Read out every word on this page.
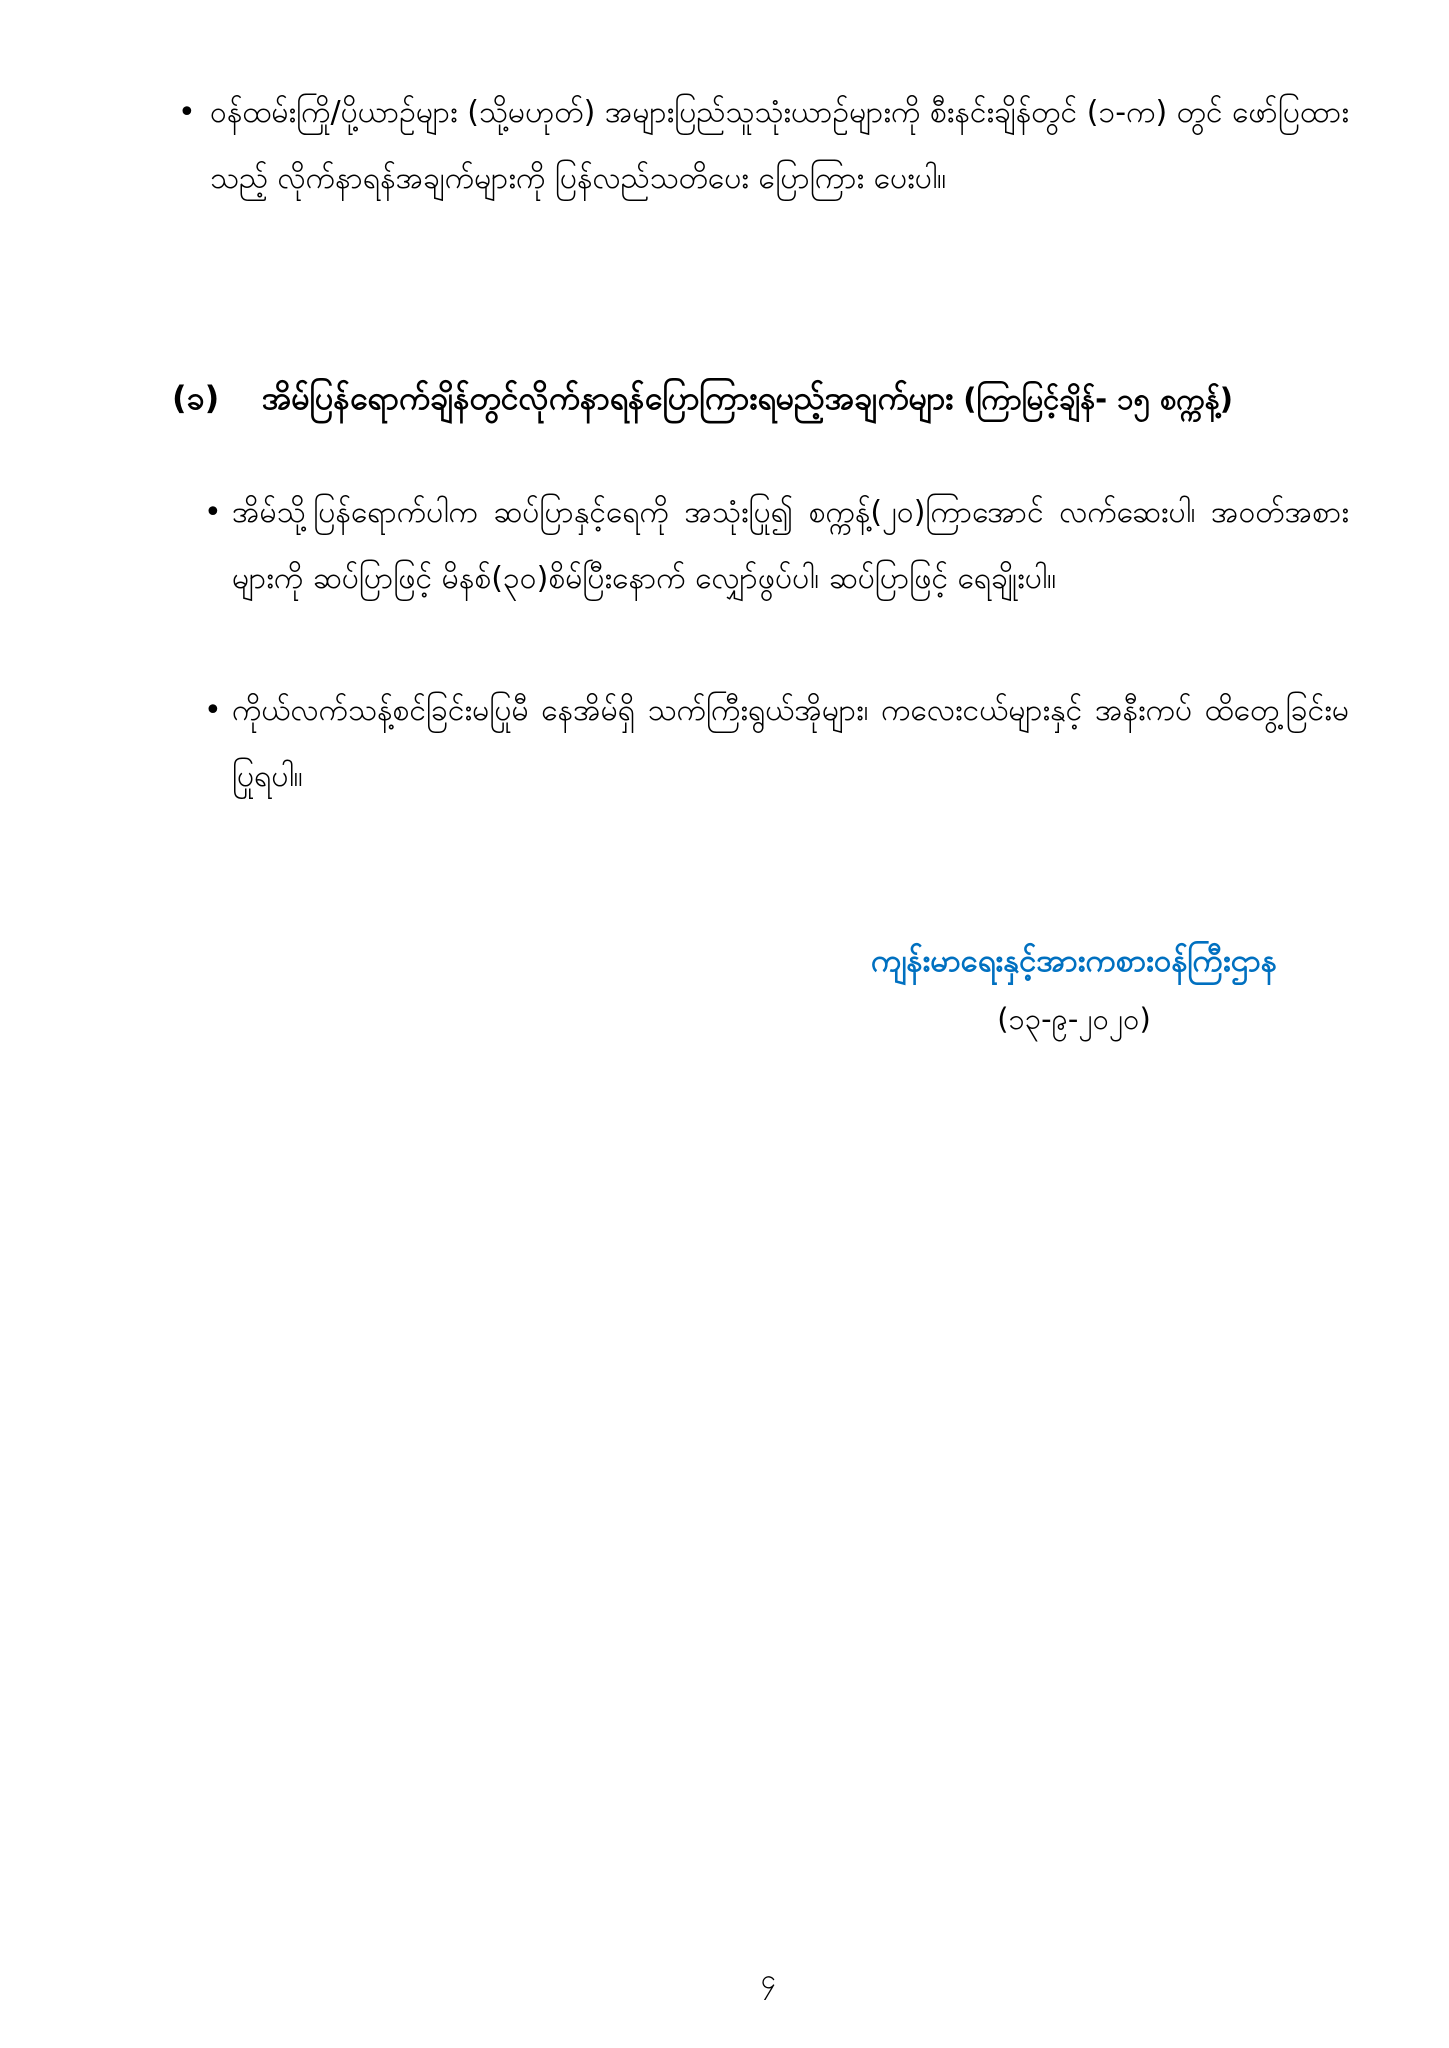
• ဝန်ထမ်းကြို/ပို့ယာဉ်များ (သို့မဟုတ်) အများပြည်သူသုံးယာဉ်များကို စီးနင်းချိန်တွင် (၁-က) တွင် ဖော်ပြထားသည့် လိုက်နာရန်အချက်များကို ပြန်လည်သတိပေး ပြောကြား ပေးပါ။

(ခ)	အိမ်ပြန်ရောက်ချိန်တွင်လိုက်နာရန်ပြောကြားရမည့်အချက်များ (ကြာမြင့်ချိန်- ၁၅ စက္ကန့်)

• အိမ်သို့ပြန်ရောက်ပါက ဆပ်ပြာနှင့်ရေကို အသုံးပြု၍ စက္ကန့်(၂၀)ကြာအောင် လက်ဆေးပါ၊ အဝတ်အစားများကို ဆပ်ပြာဖြင့် မိနစ်(၃၀)စိမ်ပြီးနောက် လျှော်ဖွပ်ပါ၊ ဆပ်ပြာဖြင့် ရေချိုးပါ။

• ကိုယ်လက်သန့်စင်ခြင်းမပြုမီ နေအိမ်ရှိ သက်ကြီးရွယ်အိုများ၊ ကလေးငယ်များနှင့် အနီးကပ် ထိတွေ့ခြင်းမပြုရပါ။

ကျန်းမာရေးနှင့်အားကစားဝန်ကြီးဌာန

(၁၃-၉-၂၀၂၀)

၄
